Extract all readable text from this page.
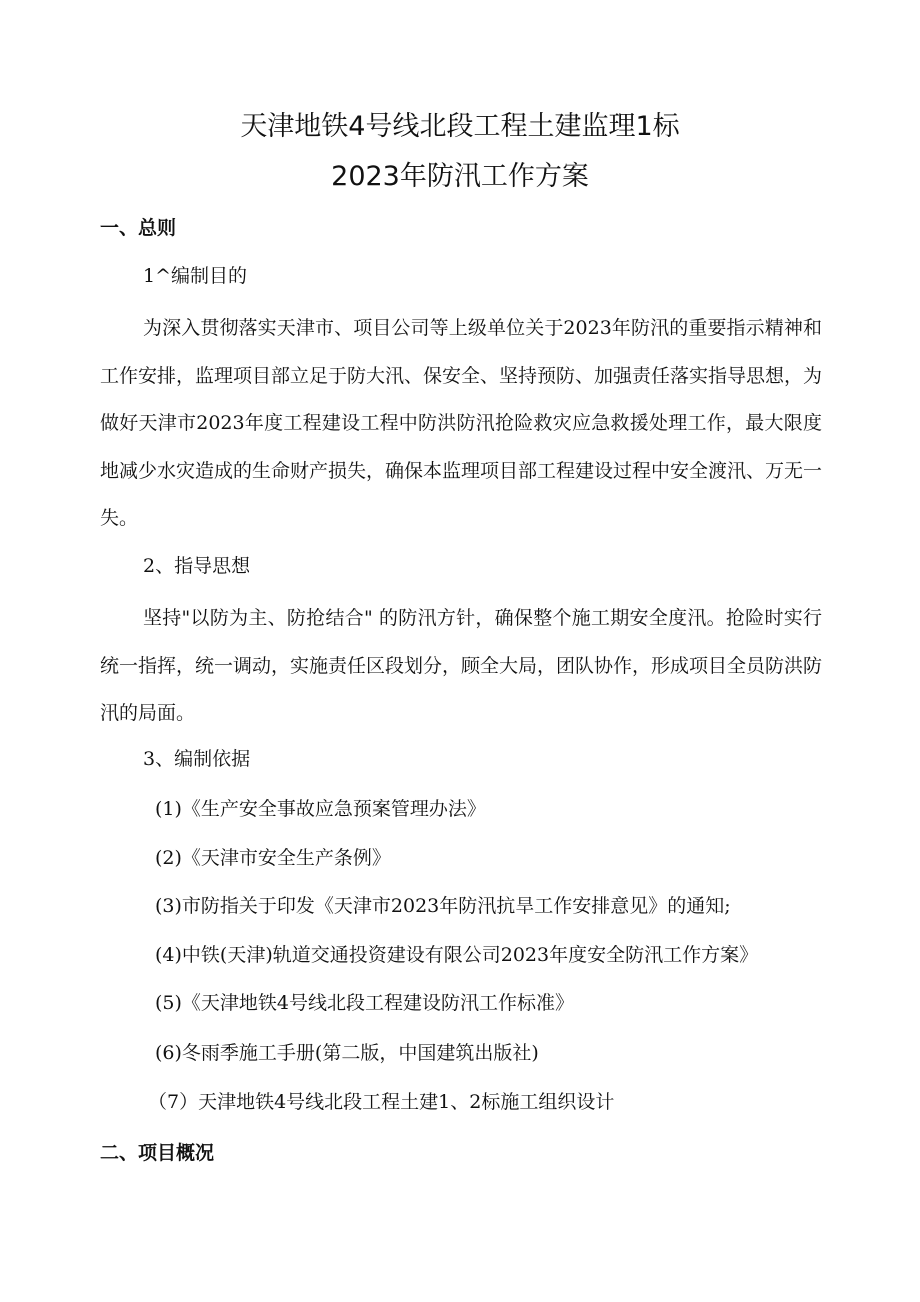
天津地铁4号线北段工程土建监理1标
2023年防汛工作方案
一、总则
1^编制目的

为深入贯彻落实天津市、项目公司等上级单位关于2023年防汛的重要指示精神和工作安排，监理项目部立足于防大汛、保安全、坚持预防、加强责任落实指导思想，为做好天津市2023年度工程建设工程中防洪防汛抢险救灾应急救援处理工作，最大限度地减少水灾造成的生命财产损失，确保本监理项目部工程建设过程中安全渡汛、万无一失。

2、指导思想

坚持"以防为主、防抢结合" 的防汛方针，确保整个施工期安全度汛。抢险时实行统一指挥，统一调动，实施责任区段划分，顾全大局，团队协作，形成项目全员防洪防汛的局面。

3、编制依据
(1)《生产安全事故应急预案管理办法》
(2)《天津市安全生产条例》
(3)市防指关于印发《天津市2023年防汛抗旱工作安排意见》的通知;
(4)中铁(天津)轨道交通投资建设有限公司2023年度安全防汛工作方案》
(5)《天津地铁4号线北段工程建设防汛工作标准》
(6)冬雨季施工手册(第二版，中国建筑出版社)
（7）天津地铁4号线北段工程土建1、2标施工组织设计
二、项目概况
